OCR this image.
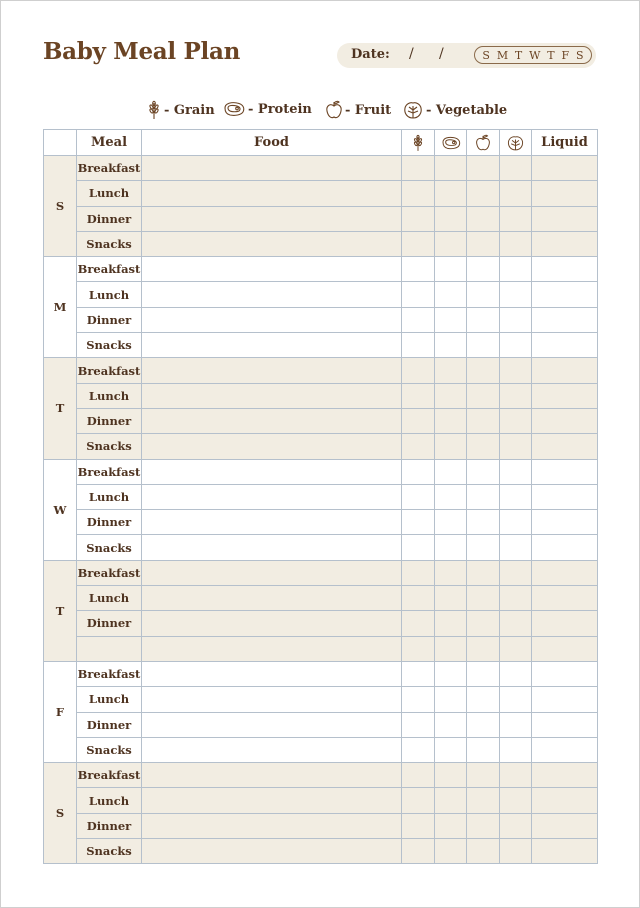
Baby Meal Plan	Date: / /	S M T W T F S
- Grain	- Protein	- Fruit	- Vegetable
	Meal	Food					Liquid
S	Breakfast						
	Lunch						
	Dinner						
	Snacks						
M	Breakfast						
	Lunch						
	Dinner						
	Snacks						
T	Breakfast						
	Lunch						
	Dinner						
	Snacks						
W	Breakfast						
	Lunch						
	Dinner						
	Snacks						
T	Breakfast						
	Lunch						
	Dinner						

F	Breakfast						
	Lunch						
	Dinner						
	Snacks						
S	Breakfast						
	Lunch						
	Dinner						
	Snacks						
